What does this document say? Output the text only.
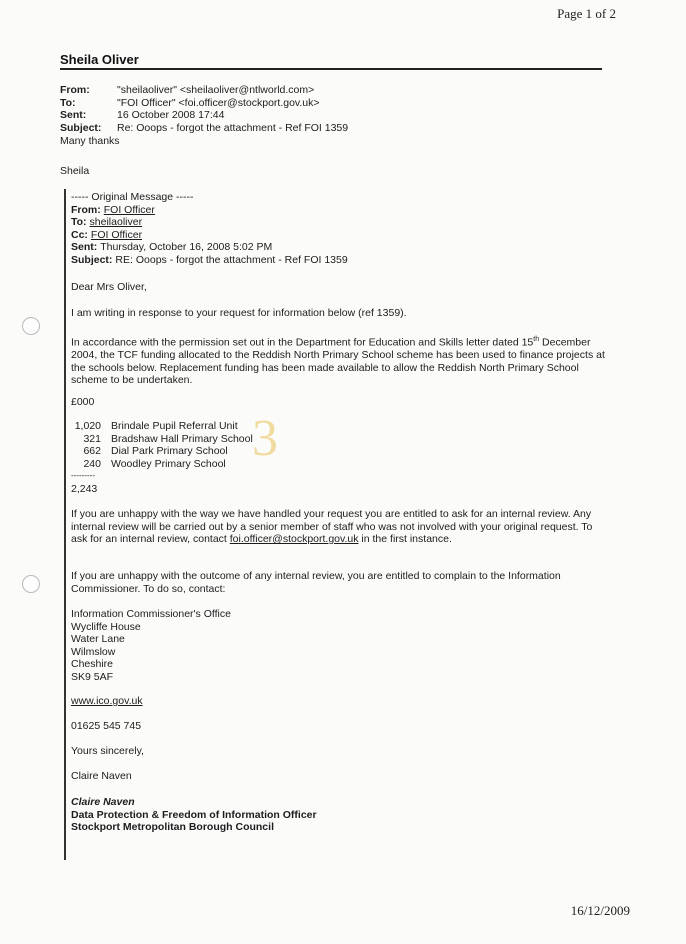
Page 1 of 2
Sheila Oliver
From:	"sheilaoliver" <sheilaoliver@ntlworld.com>
To:	"FOI Officer" <foi.officer@stockport.gov.uk>
Sent:	16 October 2008 17:44
Subject:	Re: Ooops - forgot the attachment - Ref FOI 1359
Many thanks
Sheila
----- Original Message -----
From: FOI Officer
To: sheilaoliver
Cc: FOI Officer
Sent: Thursday, October 16, 2008 5:02 PM
Subject: RE: Ooops - forgot the attachment - Ref FOI 1359
Dear Mrs Oliver,
I am writing in response to your request for information below (ref 1359).
In accordance with the permission set out in the Department for Education and Skills letter dated 15th December 2004, the TCF funding allocated to the Reddish North Primary School scheme has been used to finance projects at the schools below. Replacement funding has been made available to allow the Reddish North Primary School scheme to be undertaken.
£000
1,020 Brindale Pupil Referral Unit
321 Bradshaw Hall Primary School
662 Dial Park Primary School
240 Woodley Primary School
---------
2,243
If you are unhappy with the way we have handled your request you are entitled to ask for an internal review. Any internal review will be carried out by a senior member of staff who was not involved with your original request. To ask for an internal review, contact foi.officer@stockport.gov.uk in the first instance.
If you are unhappy with the outcome of any internal review, you are entitled to complain to the Information Commissioner. To do so, contact:
Information Commissioner's Office
Wycliffe House
Water Lane
Wilmslow
Cheshire
SK9 5AF
www.ico.gov.uk
01625 545 745
Yours sincerely,
Claire Naven
Claire Naven
Data Protection & Freedom of Information Officer
Stockport Metropolitan Borough Council
16/12/2009
3
